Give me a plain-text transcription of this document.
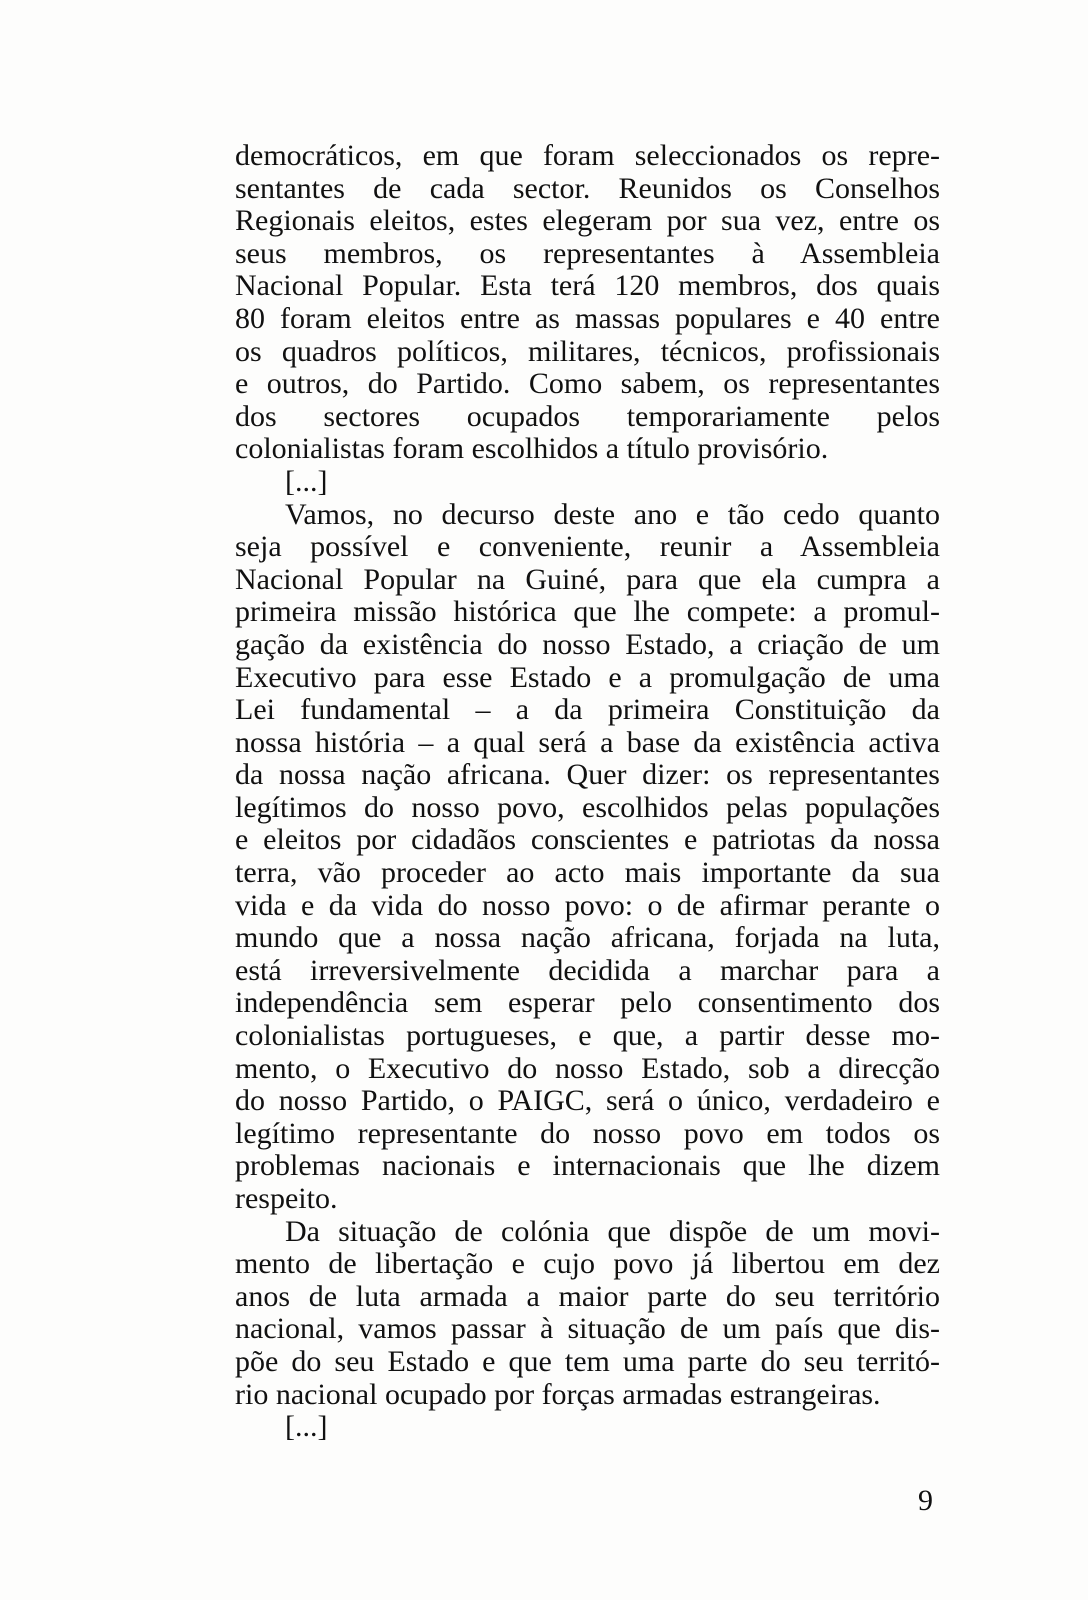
democráticos, em que foram seleccionados os repre-
sentantes de cada sector. Reunidos os Conselhos
Regionais eleitos, estes elegeram por sua vez, entre os
seus membros, os representantes à Assembleia
Nacional Popular. Esta terá 120 membros, dos quais
80 foram eleitos entre as massas populares e 40 entre
os quadros políticos, militares, técnicos, profissionais
e outros, do Partido. Como sabem, os representantes
dos sectores ocupados temporariamente pelos
colonialistas foram escolhidos a título provisório.
[...]
Vamos, no decurso deste ano e tão cedo quanto
seja possível e conveniente, reunir a Assembleia
Nacional Popular na Guiné, para que ela cumpra a
primeira missão histórica que lhe compete: a promul-
gação da existência do nosso Estado, a criação de um
Executivo para esse Estado e a promulgação de uma
Lei fundamental – a da primeira Constituição da
nossa história – a qual será a base da existência activa
da nossa nação africana. Quer dizer: os representantes
legítimos do nosso povo, escolhidos pelas populações
e eleitos por cidadãos conscientes e patriotas da nossa
terra, vão proceder ao acto mais importante da sua
vida e da vida do nosso povo: o de afirmar perante o
mundo que a nossa nação africana, forjada na luta,
está irreversivelmente decidida a marchar para a
independência sem esperar pelo consentimento dos
colonialistas portugueses, e que, a partir desse mo-
mento, o Executivo do nosso Estado, sob a direcção
do nosso Partido, o PAIGC, será o único, verdadeiro e
legítimo representante do nosso povo em todos os
problemas nacionais e internacionais que lhe dizem
respeito.
Da situação de colónia que dispõe de um movi-
mento de libertação e cujo povo já libertou em dez
anos de luta armada a maior parte do seu território
nacional, vamos passar à situação de um país que dis-
põe do seu Estado e que tem uma parte do seu territó-
rio nacional ocupado por forças armadas estrangeiras.
[...]
9
